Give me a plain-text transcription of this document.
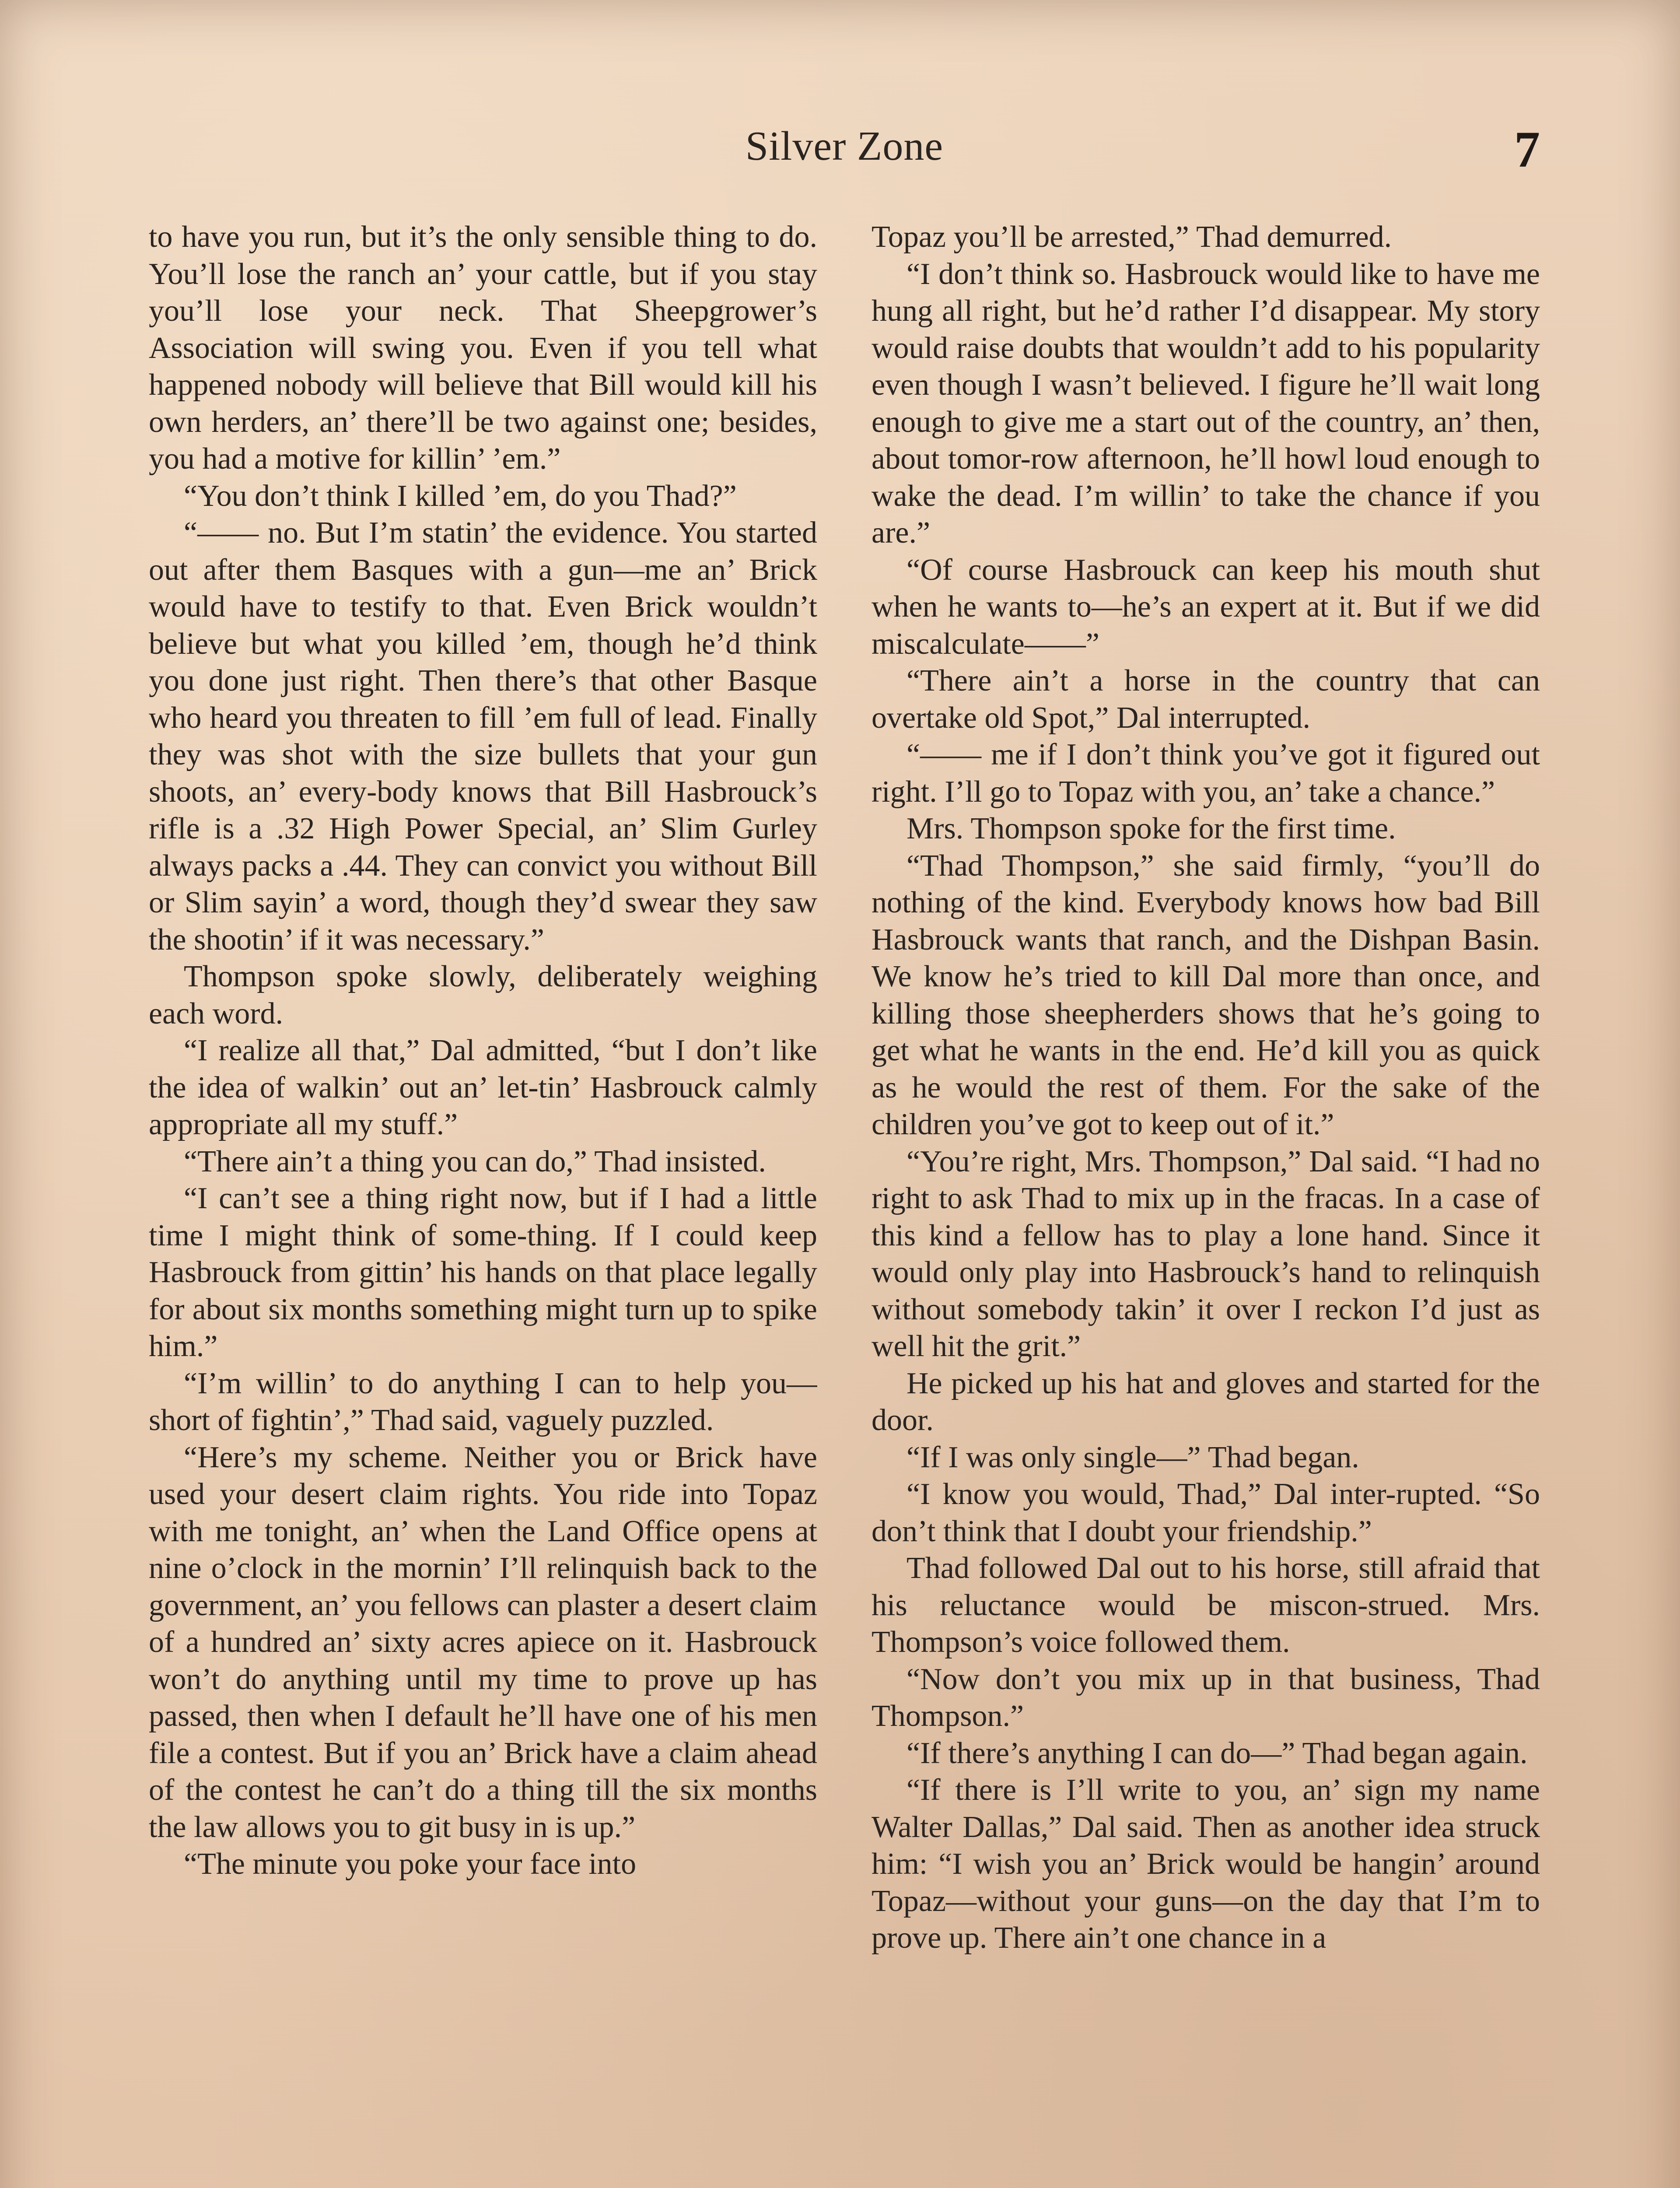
Silver Zone	7

to have you run, but it’s the only sensible thing to do. You’ll lose the ranch an’ your cattle, but if you stay you’ll lose your neck. That Sheepgrower’s Association will swing you. Even if you tell what happened nobody will believe that Bill would kill his own herders, an’ there’ll be two against one; besides, you had a motive for killin’ ’em.”

“You don’t think I killed ’em, do you Thad?”

“—— no. But I’m statin’ the evidence. You started out after them Basques with a gun—me an’ Brick would have to testify to that. Even Brick wouldn’t believe but what you killed ’em, though he’d think you done just right. Then there’s that other Basque who heard you threaten to fill ’em full of lead. Finally they was shot with the size bullets that your gun shoots, an’ every-body knows that Bill Hasbrouck’s rifle is a .32 High Power Special, an’ Slim Gurley always packs a .44. They can convict you without Bill or Slim sayin’ a word, though they’d swear they saw the shootin’ if it was necessary.”

Thompson spoke slowly, deliberately weighing each word.

“I realize all that,” Dal admitted, “but I don’t like the idea of walkin’ out an’ let-tin’ Hasbrouck calmly appropriate all my stuff.”

“There ain’t a thing you can do,” Thad insisted.

“I can’t see a thing right now, but if I had a little time I might think of some-thing. If I could keep Hasbrouck from gittin’ his hands on that place legally for about six months something might turn up to spike him.”

“I’m willin’ to do anything I can to help you—short of fightin’,” Thad said, vaguely puzzled.

“Here’s my scheme. Neither you or Brick have used your desert claim rights. You ride into Topaz with me tonight, an’ when the Land Office opens at nine o’clock in the mornin’ I’ll relinquish back to the government, an’ you fellows can plaster a desert claim of a hundred an’ sixty acres apiece on it. Hasbrouck won’t do anything until my time to prove up has passed, then when I default he’ll have one of his men file a contest. But if you an’ Brick have a claim ahead of the contest he can’t do a thing till the six months the law allows you to git busy in is up.”

“The minute you poke your face into

Topaz you’ll be arrested,” Thad demurred.

“I don’t think so. Hasbrouck would like to have me hung all right, but he’d rather I’d disappear. My story would raise doubts that wouldn’t add to his popularity even though I wasn’t believed. I figure he’ll wait long enough to give me a start out of the country, an’ then, about tomor-row afternoon, he’ll howl loud enough to wake the dead. I’m willin’ to take the chance if you are.”

“Of course Hasbrouck can keep his mouth shut when he wants to—he’s an expert at it. But if we did miscalculate——”

“There ain’t a horse in the country that can overtake old Spot,” Dal interrupted.

“—— me if I don’t think you’ve got it figured out right. I’ll go to Topaz with you, an’ take a chance.”

Mrs. Thompson spoke for the first time.

“Thad Thompson,” she said firmly, “you’ll do nothing of the kind. Everybody knows how bad Bill Hasbrouck wants that ranch, and the Dishpan Basin. We know he’s tried to kill Dal more than once, and killing those sheepherders shows that he’s going to get what he wants in the end. He’d kill you as quick as he would the rest of them. For the sake of the children you’ve got to keep out of it.”

“You’re right, Mrs. Thompson,” Dal said. “I had no right to ask Thad to mix up in the fracas. In a case of this kind a fellow has to play a lone hand. Since it would only play into Hasbrouck’s hand to relinquish without somebody takin’ it over I reckon I’d just as well hit the grit.”

He picked up his hat and gloves and started for the door.

“If I was only single—” Thad began.

“I know you would, Thad,” Dal inter-rupted. “So don’t think that I doubt your friendship.”

Thad followed Dal out to his horse, still afraid that his reluctance would be miscon-strued. Mrs. Thompson’s voice followed them.

“Now don’t you mix up in that business, Thad Thompson.”

“If there’s anything I can do—” Thad began again.

“If there is I’ll write to you, an’ sign my name Walter Dallas,” Dal said. Then as another idea struck him: “I wish you an’ Brick would be hangin’ around Topaz—without your guns—on the day that I’m to prove up. There ain’t one chance in a
